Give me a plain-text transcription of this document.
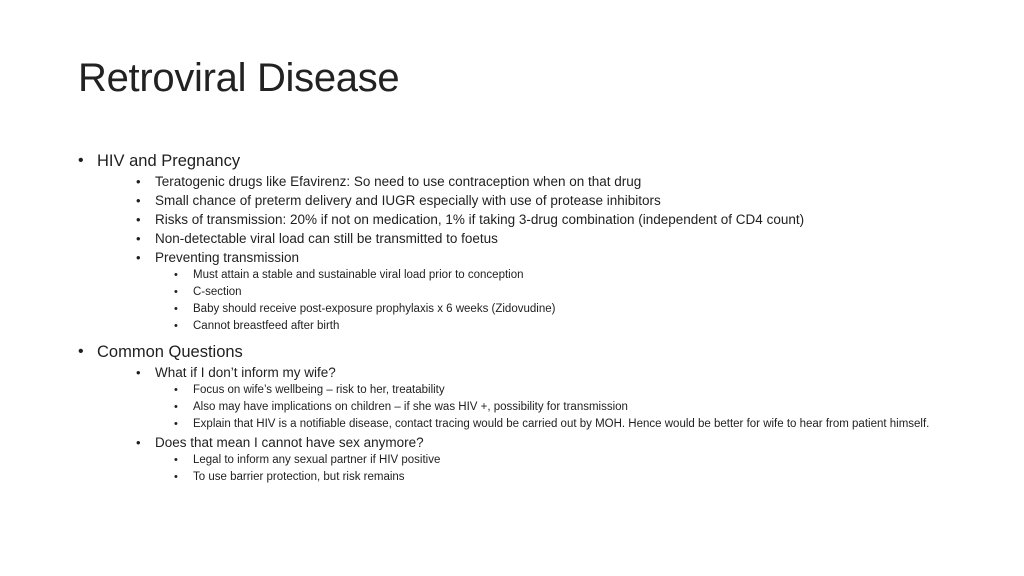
Retroviral Disease
• HIV and Pregnancy
• Teratogenic drugs like Efavirenz: So need to use contraception when on that drug
• Small chance of preterm delivery and IUGR especially with use of protease inhibitors
• Risks of transmission: 20% if not on medication, 1% if taking 3-drug combination (independent of CD4 count)
• Non-detectable viral load can still be transmitted to foetus
• Preventing transmission
• Must attain a stable and sustainable viral load prior to conception
• C-section
• Baby should receive post-exposure prophylaxis x 6 weeks (Zidovudine)
• Cannot breastfeed after birth
• Common Questions
• What if I don’t inform my wife?
• Focus on wife’s wellbeing – risk to her, treatability
• Also may have implications on children – if she was HIV +, possibility for transmission
• Explain that HIV is a notifiable disease, contact tracing would be carried out by MOH. Hence would be better for wife to hear from patient himself.
• Does that mean I cannot have sex anymore?
• Legal to inform any sexual partner if HIV positive
• To use barrier protection, but risk remains
